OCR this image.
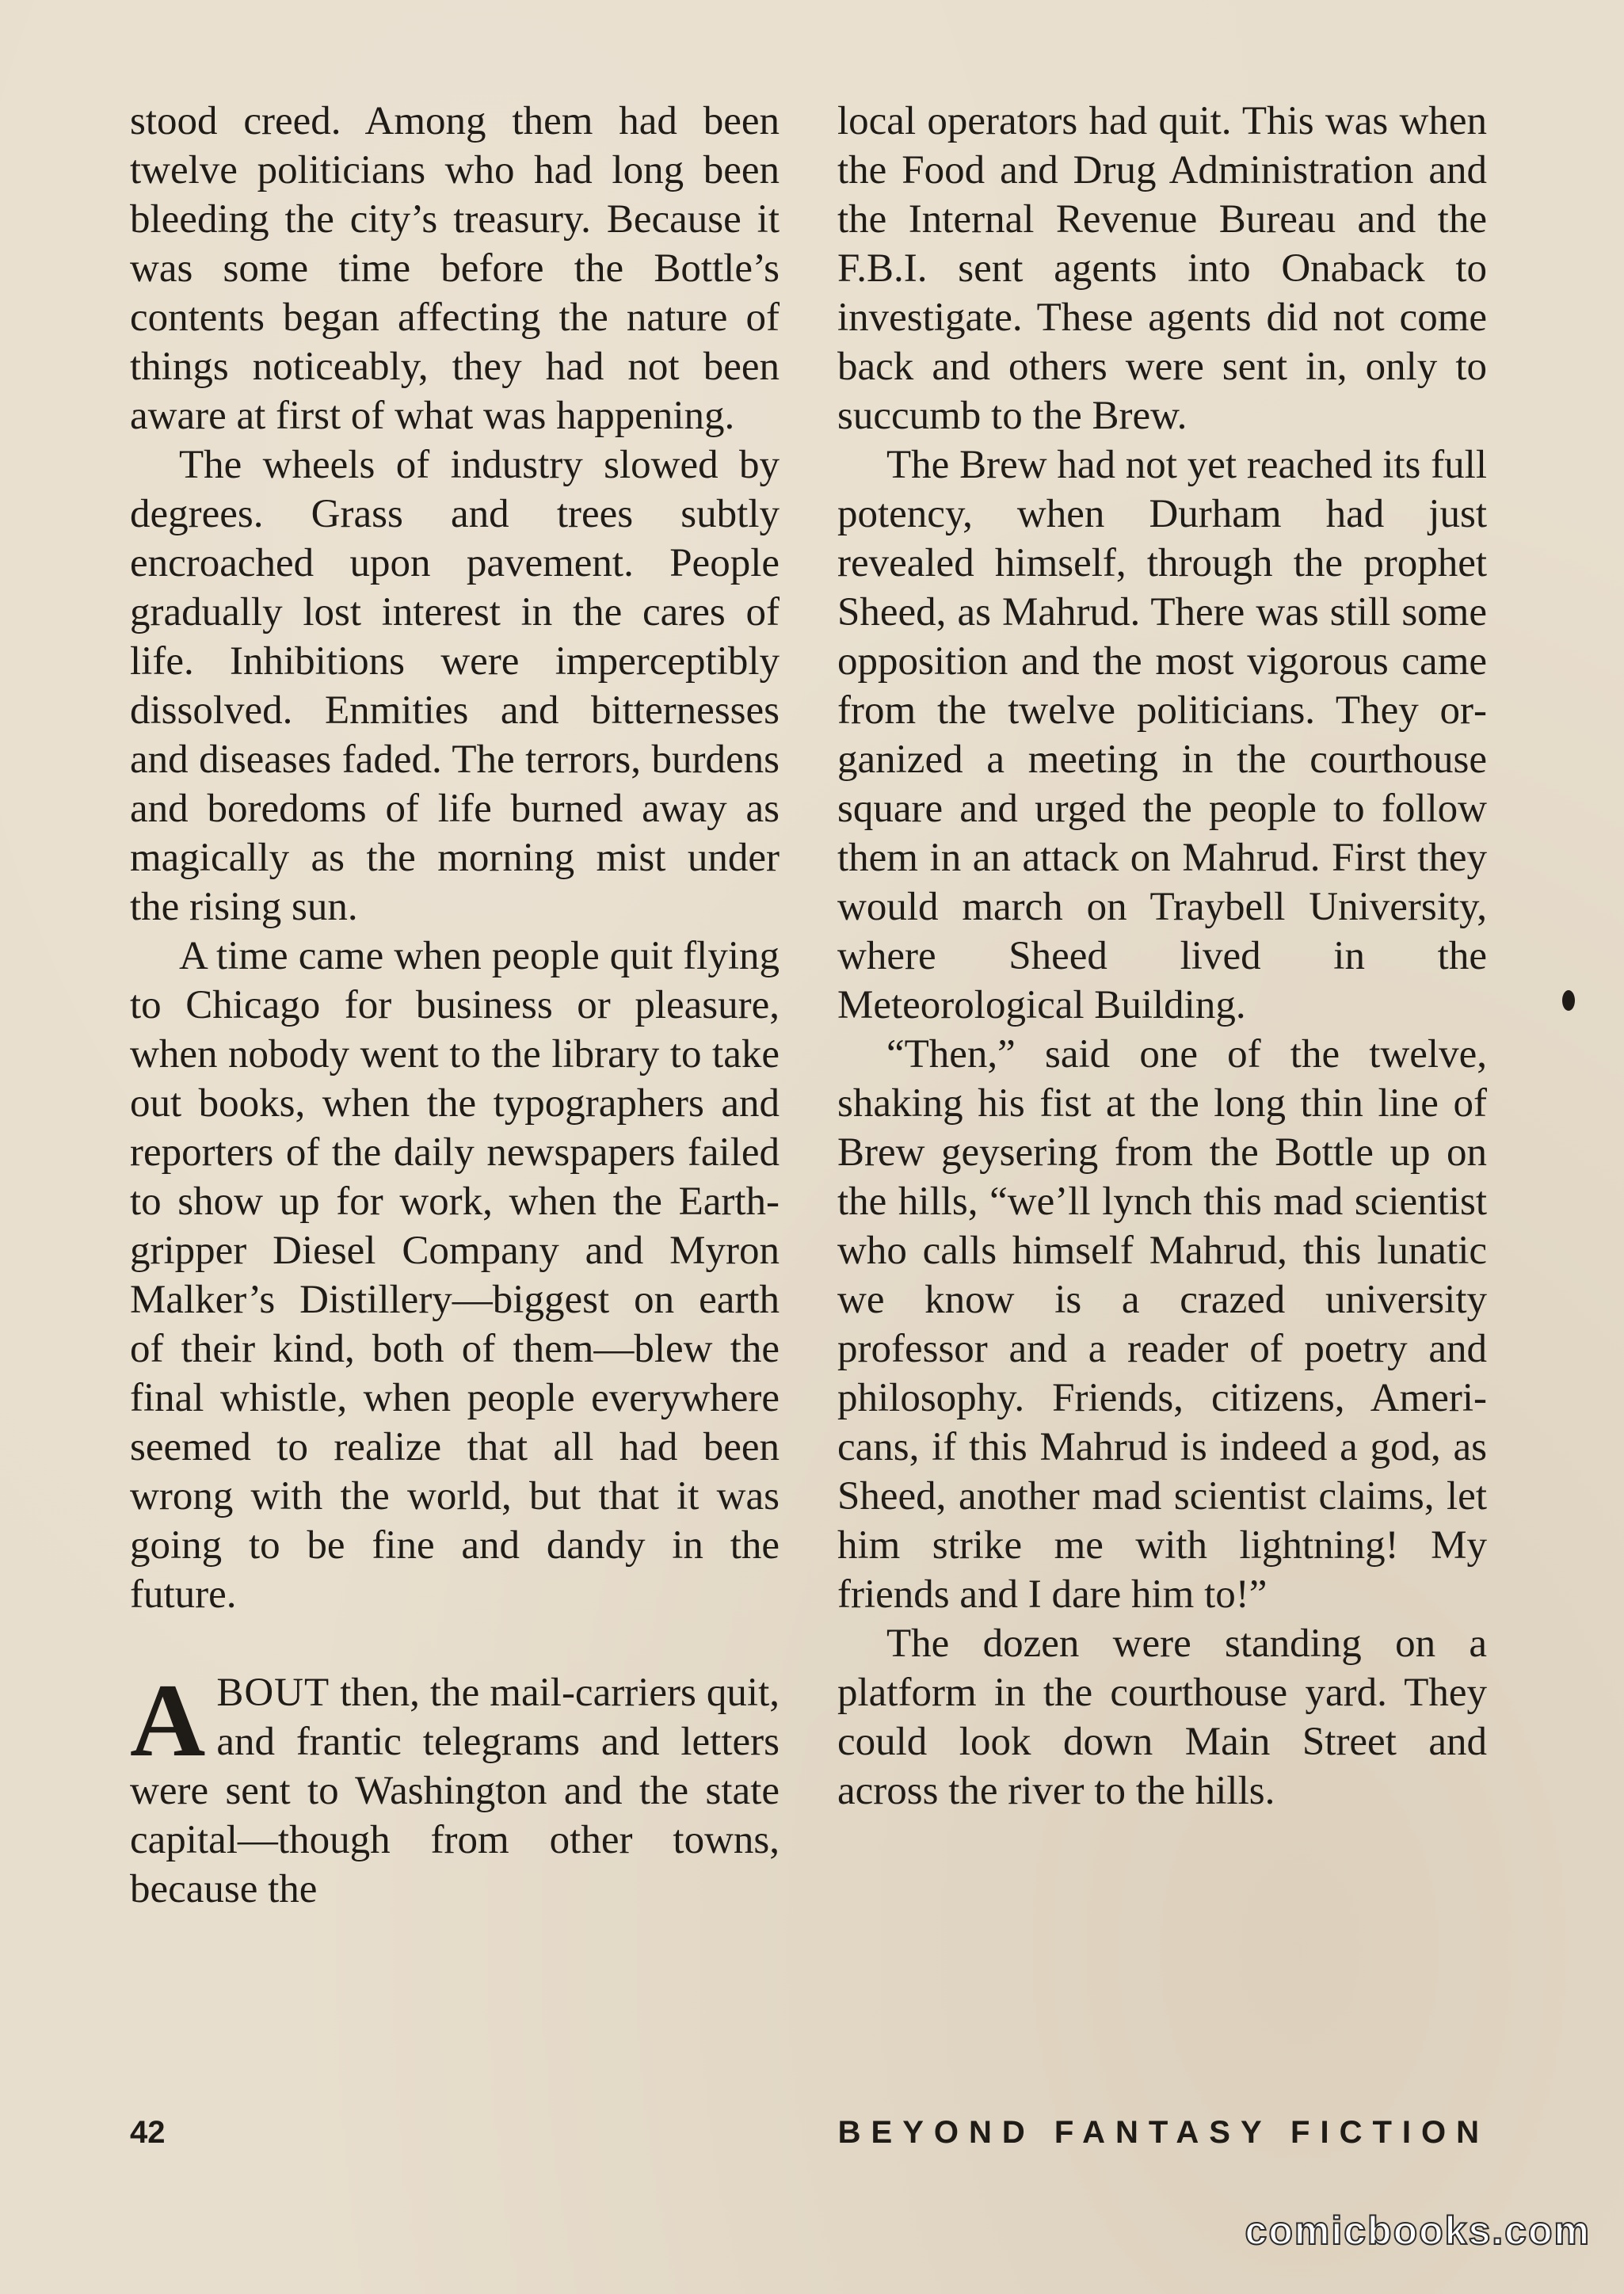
stood creed. Among them had been twelve politicians who had long been bleeding the city’s treasury. Because it was some time before the Bottle’s contents began affecting the nature of things noticeably, they had not been aware at first of what was happening.

The wheels of industry slowed by degrees. Grass and trees subtly encroached upon pavement. People gradually lost interest in the cares of life. Inhibitions were imperceptibly dissolved. Enmities and bitternesses and diseases faded. The terrors, burdens and boredoms of life burned away as magically as the morning mist under the rising sun.

A time came when people quit flying to Chicago for business or pleasure, when nobody went to the library to take out books, when the typographers and reporters of the daily newspapers failed to show up for work, when the Earthgripper Diesel Company and Myron Malker’s Distillery—biggest on earth of their kind, both of them—blew the final whistle, when people everywhere seemed to realize that all had been wrong with the world, but that it was going to be fine and dandy in the future.

ABOUT then, the mail-carriers quit, and frantic telegrams and letters were sent to Washington and the state capital—though from other towns, because the

local operators had quit. This was when the Food and Drug Administration and the Internal Revenue Bureau and the F.B.I. sent agents into Onaback to investigate. These agents did not come back and others were sent in, only to succumb to the Brew.

The Brew had not yet reached its full potency, when Durham had just revealed himself, through the prophet Sheed, as Mahrud. There was still some opposition and the most vigorous came from the twelve politicians. They organized a meeting in the courthouse square and urged the people to follow them in an attack on Mahrud. First they would march on Traybell University, where Sheed lived in the Meteorological Building.

“Then,” said one of the twelve, shaking his fist at the long thin line of Brew geysering from the Bottle up on the hills, “we’ll lynch this mad scientist who calls himself Mahrud, this lunatic we know is a crazed university professor and a reader of poetry and philosophy. Friends, citizens, Americans, if this Mahrud is indeed a god, as Sheed, another mad scientist claims, let him strike me with lightning! My friends and I dare him to!”

The dozen were standing on a platform in the courthouse yard. They could look down Main Street and across the river to the hills.

42	BEYOND FANTASY FICTION
comicbooks.com
